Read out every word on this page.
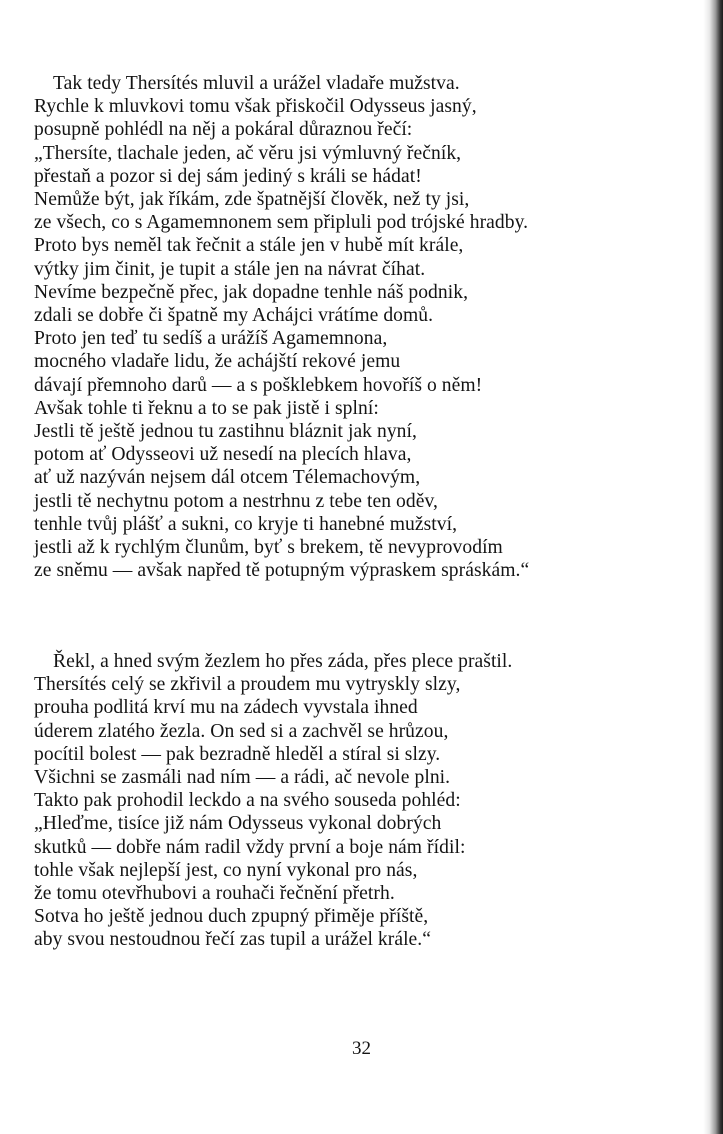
Tak tedy Thersítés mluvil a urážel vladaře mužstva.
Rychle k mluvkovi tomu však přiskočil Odysseus jasný,
posupně pohlédl na něj a pokáral důraznou řečí:
„Thersíte, tlachale jeden, ač věru jsi výmluvný řečník,
přestaň a pozor si dej sám jediný s králi se hádat!
Nemůže být, jak říkám, zde špatnější člověk, než ty jsi,
ze všech, co s Agamemnonem sem připluli pod trójské hradby.
Proto bys neměl tak řečnit a stále jen v hubě mít krále,
výtky jim činit, je tupit a stále jen na návrat číhat.
Nevíme bezpečně přec, jak dopadne tenhle náš podnik,
zdali se dobře či špatně my Achájci vrátíme domů.
Proto jen teď tu sedíš a urážíš Agamemnona,
mocného vladaře lidu, že achájští rekové jemu
dávají přemnoho darů — a s pošklebkem hovoříš o něm!
Avšak tohle ti řeknu a to se pak jistě i splní:
Jestli tě ještě jednou tu zastihnu bláznit jak nyní,
potom ať Odysseovi už nesedí na plecích hlava,
ať už nazýván nejsem dál otcem Télemachovým,
jestli tě nechytnu potom a nestrhnu z tebe ten oděv,
tenhle tvůj plášť a sukni, co kryje ti hanebné mužství,
jestli až k rychlým člunům, byť s brekem, tě nevyprovodím
ze sněmu — avšak napřed tě potupným výpraskem spráskám.“
Řekl, a hned svým žezlem ho přes záda, přes plece praštil.
Thersítés celý se zkřivil a proudem mu vytryskly slzy,
prouha podlitá krví mu na zádech vyvstala ihned
úderem zlatého žezla. On sed si a zachvěl se hrůzou,
pocítil bolest — pak bezradně hleděl a stíral si slzy.
Všichni se zasmáli nad ním — a rádi, ač nevole plni.
Takto pak prohodil leckdo a na svého souseda pohléd:
„Hleďme, tisíce již nám Odysseus vykonal dobrých
skutků — dobře nám radil vždy první a boje nám řídil:
tohle však nejlepší jest, co nyní vykonal pro nás,
že tomu otevřhubovi a rouhači řečnění přetrh.
Sotva ho ještě jednou duch zpupný přiměje příště,
aby svou nestoudnou řečí zas tupil a urážel krále.“
32
